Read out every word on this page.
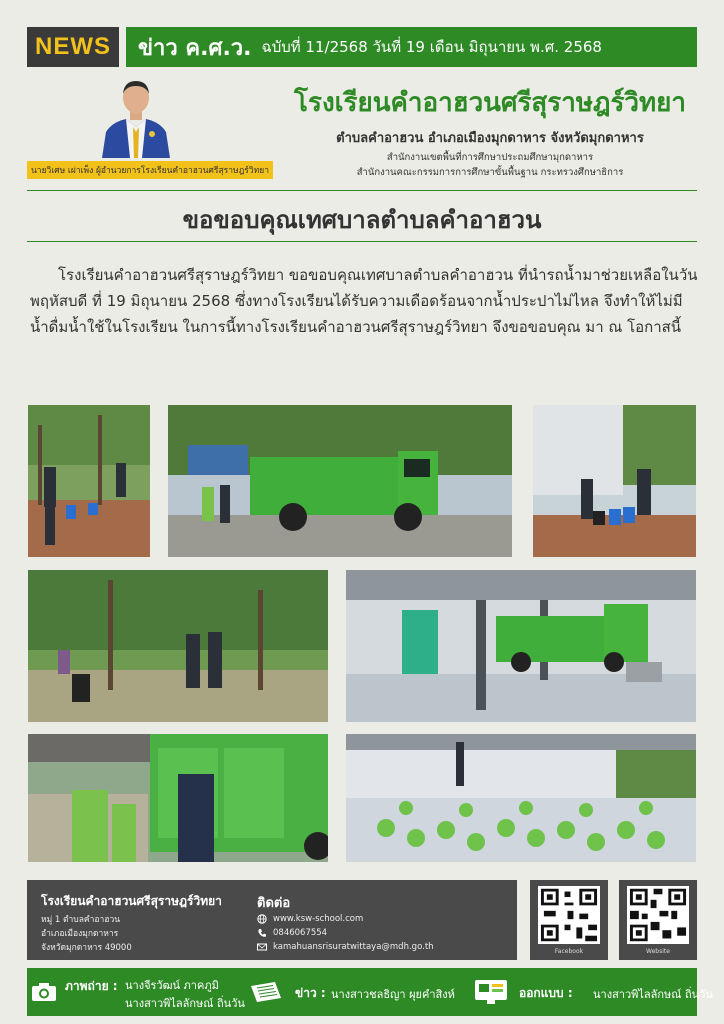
NEWS	ข่าว ค.ศ.ว. ฉบับที่ 11/2568 วันที่ 19 เดือน มิถุนายน พ.ศ. 2568
นายวิเศษ เผ่าเพ็ง ผู้อำนวยการโรงเรียนคำอาฮวนศรีสุราษฎร์วิทยา
โรงเรียนคำอาฮวนศรีสุราษฎร์วิทยา
ตำบลคำอาฮวน อำเภอเมืองมุกดาหาร จังหวัดมุกดาหาร
สำนักงานเขตพื้นที่การศึกษาประถมศึกษามุกดาหาร
สำนักงานคณะกรรมการการศึกษาขั้นพื้นฐาน กระทรวงศึกษาธิการ
ขอขอบคุณเทศบาลตำบลคำอาฮวน
โรงเรียนคำอาฮวนศรีสุราษฎร์วิทยา ขอขอบคุณเทศบาลตำบลคำอาฮวน ที่นำรถน้ำมาช่วยเหลือในวันพฤหัสบดี ที่ 19 มิถุนายน 2568 ซึ่งทางโรงเรียนได้รับความเดือดร้อนจากน้ำประปาไม่ไหล จึงทำให้ไม่มีน้ำดื่มน้ำใช้ในโรงเรียน ในการนี้ทางโรงเรียนคำอาฮวนศรีสุราษฎร์วิทยา จึงขอขอบคุณ มา ณ โอกาสนี้
โรงเรียนคำอาฮวนศรีสุราษฎร์วิทยา
หมู่ 1 ตำบลคำอาฮวน
อำเภอเมืองมุกดาหาร
จังหวัดมุกดาหาร 49000
ติดต่อ
www.ksw-school.com
0846067554
kamahuansrisuratwittaya@mdh.go.th	Facebook	Website
ภาพถ่าย : นางจีรวัฒน์ ภาคภูมิ
นางสาวพิไลลักษณ์ ถิ่นวัน
ข่าว : นางสาวชลธิญา ผุยคำสิงห์	ออกแบบ : นางสาวพิไลลักษณ์ ถิ่นวัน
